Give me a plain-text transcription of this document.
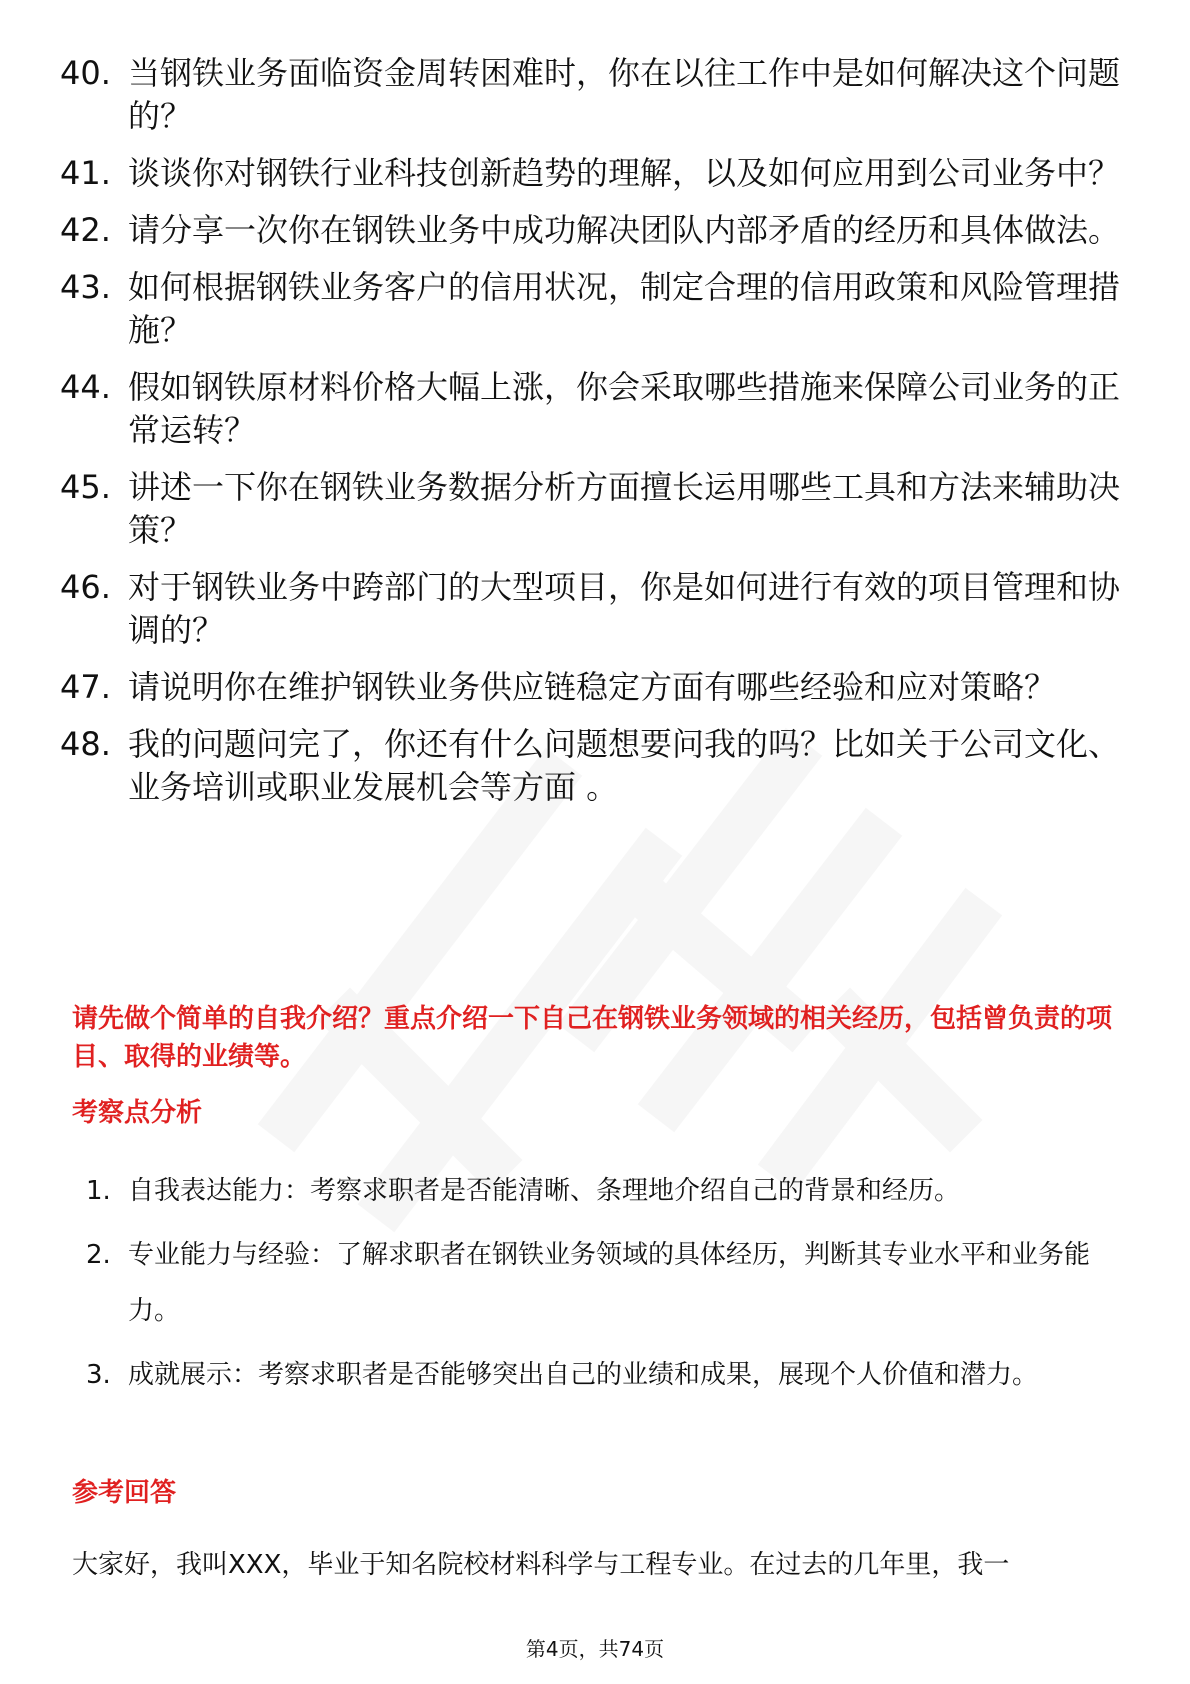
40. 当钢铁业务面临资金周转困难时，你在以往工作中是如何解决这个问题的？
41. 谈谈你对钢铁行业科技创新趋势的理解，以及如何应用到公司业务中？
42. 请分享一次你在钢铁业务中成功解决团队内部矛盾的经历和具体做法。
43. 如何根据钢铁业务客户的信用状况，制定合理的信用政策和风险管理措施？
44. 假如钢铁原材料价格大幅上涨，你会采取哪些措施来保障公司业务的正常运转？
45. 讲述一下你在钢铁业务数据分析方面擅长运用哪些工具和方法来辅助决策？
46. 对于钢铁业务中跨部门的大型项目，你是如何进行有效的项目管理和协调的？
47. 请说明你在维护钢铁业务供应链稳定方面有哪些经验和应对策略？
48. 我的问题问完了，你还有什么问题想要问我的吗？比如关于公司文化、业务培训或职业发展机会等方面 。

请先做个简单的自我介绍？重点介绍一下自己在钢铁业务领域的相关经历，包括曾负责的项目、取得的业绩等。

考察点分析
1. 自我表达能力：考察求职者是否能清晰、条理地介绍自己的背景和经历。
2. 专业能力与经验：了解求职者在钢铁业务领域的具体经历，判断其专业水平和业务能力。
3. 成就展示：考察求职者是否能够突出自己的业绩和成果，展现个人价值和潜力。
参考回答

大家好，我叫XXX，毕业于知名院校材料科学与工程专业。在过去的几年里，我一

第4页，共74页
